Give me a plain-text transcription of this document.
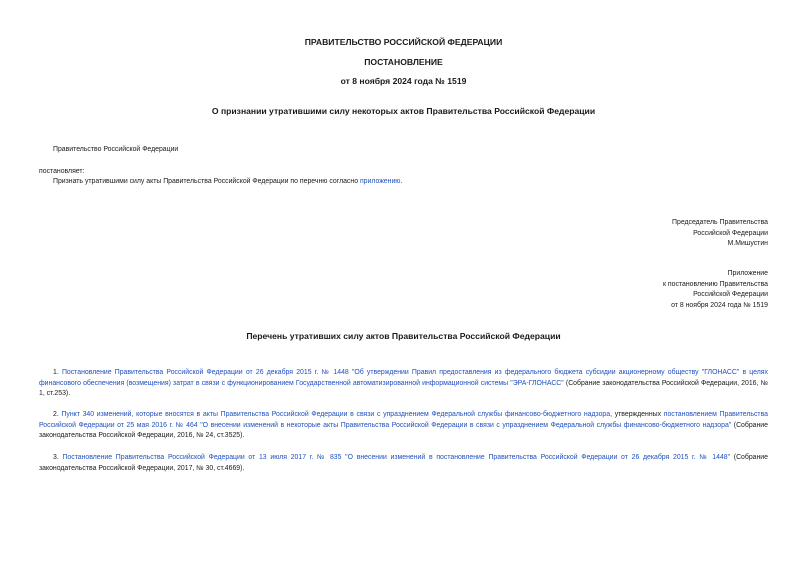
ПРАВИТЕЛЬСТВО РОССИЙСКОЙ ФЕДЕРАЦИИ
ПОСТАНОВЛЕНИЕ
от 8 ноября 2024 года № 1519
О признании утратившими силу некоторых актов Правительства Российской Федерации
Правительство Российской Федерации
постановляет:
Признать утратившими силу акты Правительства Российской Федерации по перечню согласно приложению.
Председатель Правительства
Российской Федерации
М.Мишустин
Приложение
к постановлению Правительства
Российской Федерации
от 8 ноября 2024 года № 1519
Перечень утративших силу актов Правительства Российской Федерации
1. Постановление Правительства Российской Федерации от 26 декабря 2015 г. № 1448 "Об утверждении Правил предоставления из федерального бюджета субсидии акционерному обществу "ГЛОНАСС" в целях финансового обеспечения (возмещения) затрат в связи с функционированием Государственной автоматизированной информационной системы "ЭРА-ГЛОНАСС" (Собрание законодательства Российской Федерации, 2016, № 1, ст.253).
2. Пункт 340 изменений, которые вносятся в акты Правительства Российской Федерации в связи с упразднением Федеральной службы финансово-бюджетного надзора, утвержденных постановлением Правительства Российской Федерации от 25 мая 2016 г. № 464 "О внесении изменений в некоторые акты Правительства Российской Федерации в связи с упразднением Федеральной службы финансово-бюджетного надзора" (Собрание законодательства Российской Федерации, 2016, № 24, ст.3525).
3. Постановление Правительства Российской Федерации от 13 июля 2017 г. № 835 "О внесении изменений в постановление Правительства Российской Федерации от 26 декабря 2015 г. № 1448" (Собрание законодательства Российской Федерации, 2017, № 30, ст.4669).
